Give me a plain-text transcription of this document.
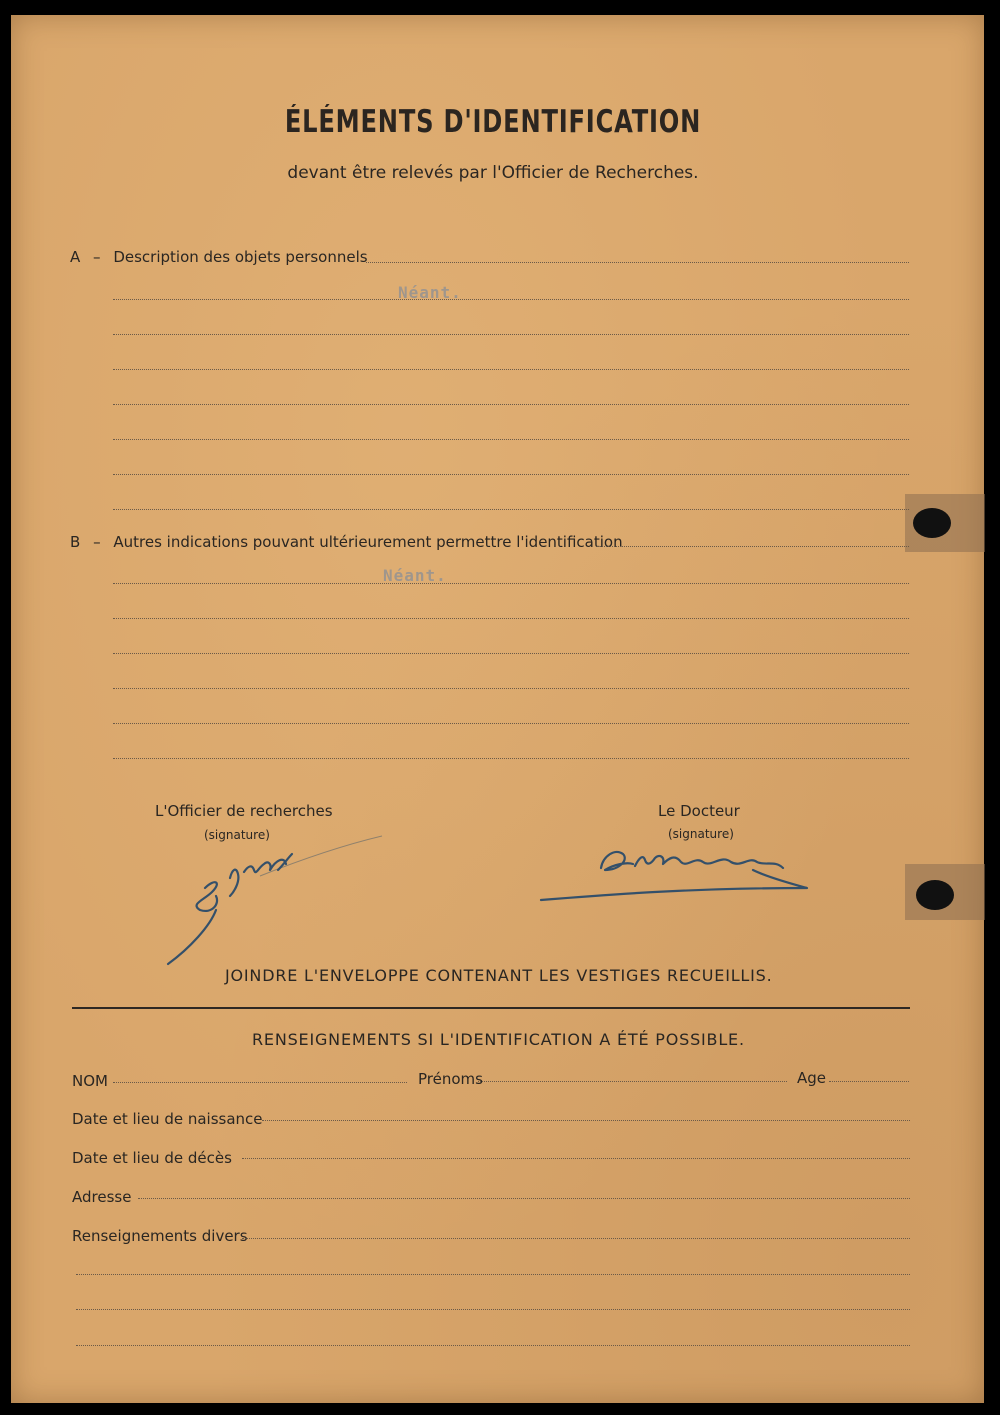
ÉLÉMENTS D'IDENTIFICATION
devant être relevés par l'Officier de Recherches.
A – Description des objets personnels
Néant.
B – Autres indications pouvant ultérieurement permettre l'identification
Néant.
L'Officier de recherches
(signature)
Le Docteur
(signature)
JOINDRE L'ENVELOPPE CONTENANT LES VESTIGES RECUEILLIS.
RENSEIGNEMENTS SI L'IDENTIFICATION A ÉTÉ POSSIBLE.
NOM	Prénoms	Age
Date et lieu de naissance
Date et lieu de décès
Adresse
Renseignements divers
